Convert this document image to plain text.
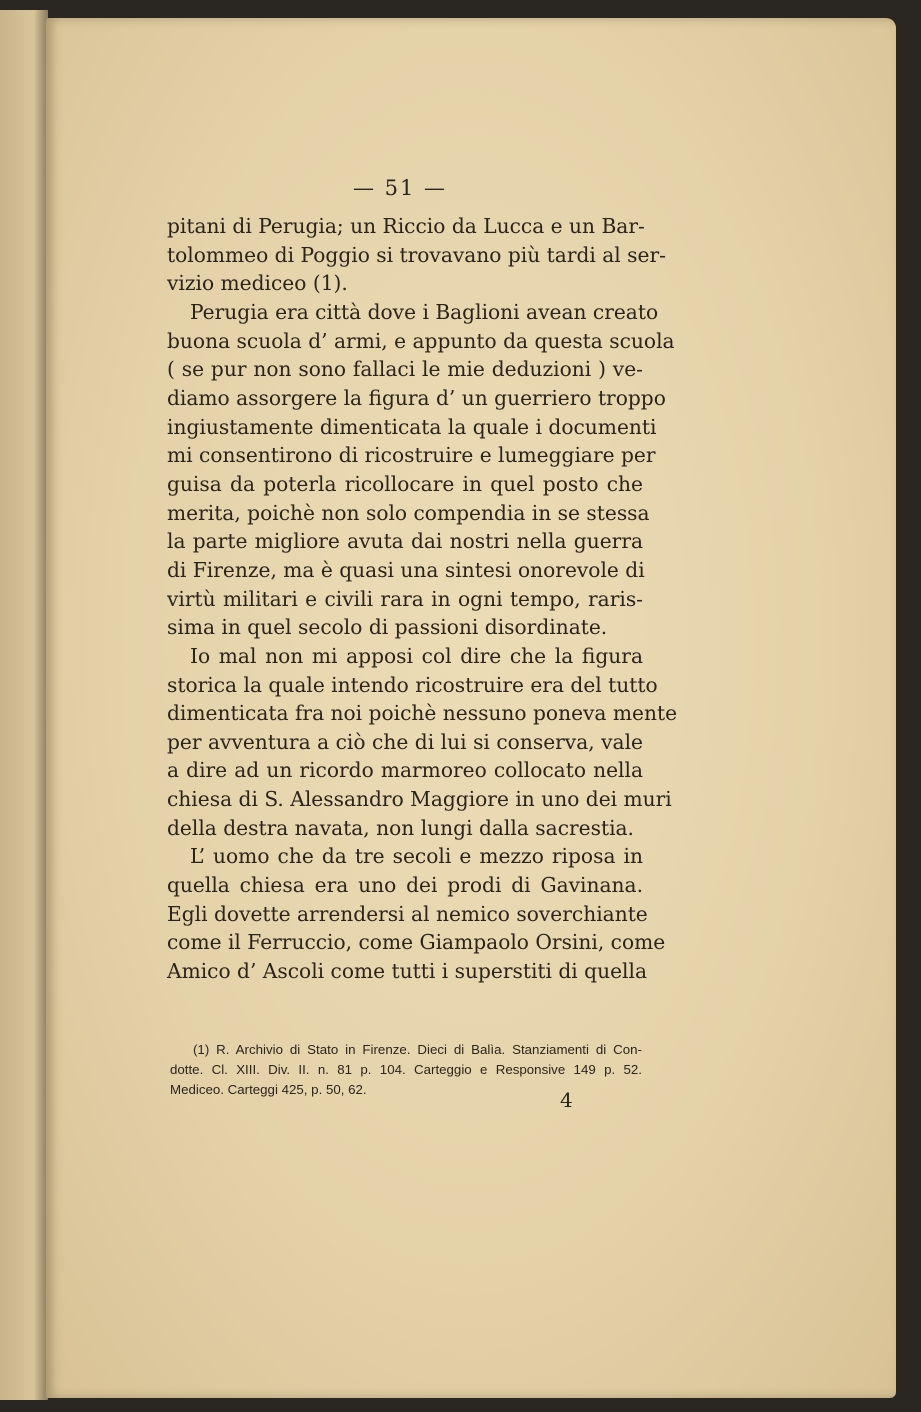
— 51 —
pitani di Perugia; un Riccio da Lucca e un Bar-
tolommeo di Poggio si trovavano più tardi al ser-
vizio mediceo (1).
Perugia era città dove i Baglioni avean creato
buona scuola d’ armi, e appunto da questa scuola
( se pur non sono fallaci le mie deduzioni ) ve-
diamo assorgere la figura d’ un guerriero troppo
ingiustamente dimenticata la quale i documenti
mi consentirono di ricostruire e lumeggiare per
guisa da poterla ricollocare in quel posto che
merita, poichè non solo compendia in se stessa
la parte migliore avuta dai nostri nella guerra
di Firenze, ma è quasi una sintesi onorevole di
virtù militari e civili rara in ogni tempo, raris-
sima in quel secolo di passioni disordinate.
Io mal non mi apposi col dire che la figura
storica la quale intendo ricostruire era del tutto
dimenticata fra noi poichè nessuno poneva mente
per avventura a ciò che di lui si conserva, vale
a dire ad un ricordo marmoreo collocato nella
chiesa di S. Alessandro Maggiore in uno dei muri
della destra navata, non lungi dalla sacrestia.
L’ uomo che da tre secoli e mezzo riposa in
quella chiesa era uno dei prodi di Gavinana.
Egli dovette arrendersi al nemico soverchiante
come il Ferruccio, come Giampaolo Orsini, come
Amico d’ Ascoli come tutti i superstiti di quella
(1) R. Archivio di Stato in Firenze. Dieci di Balìa. Stanziamenti di Con-
dotte. Cl. XIII. Div. II. n. 81 p. 104. Carteggio e Responsive 149 p. 52.
Mediceo. Carteggi 425, p. 50, 62.	4
